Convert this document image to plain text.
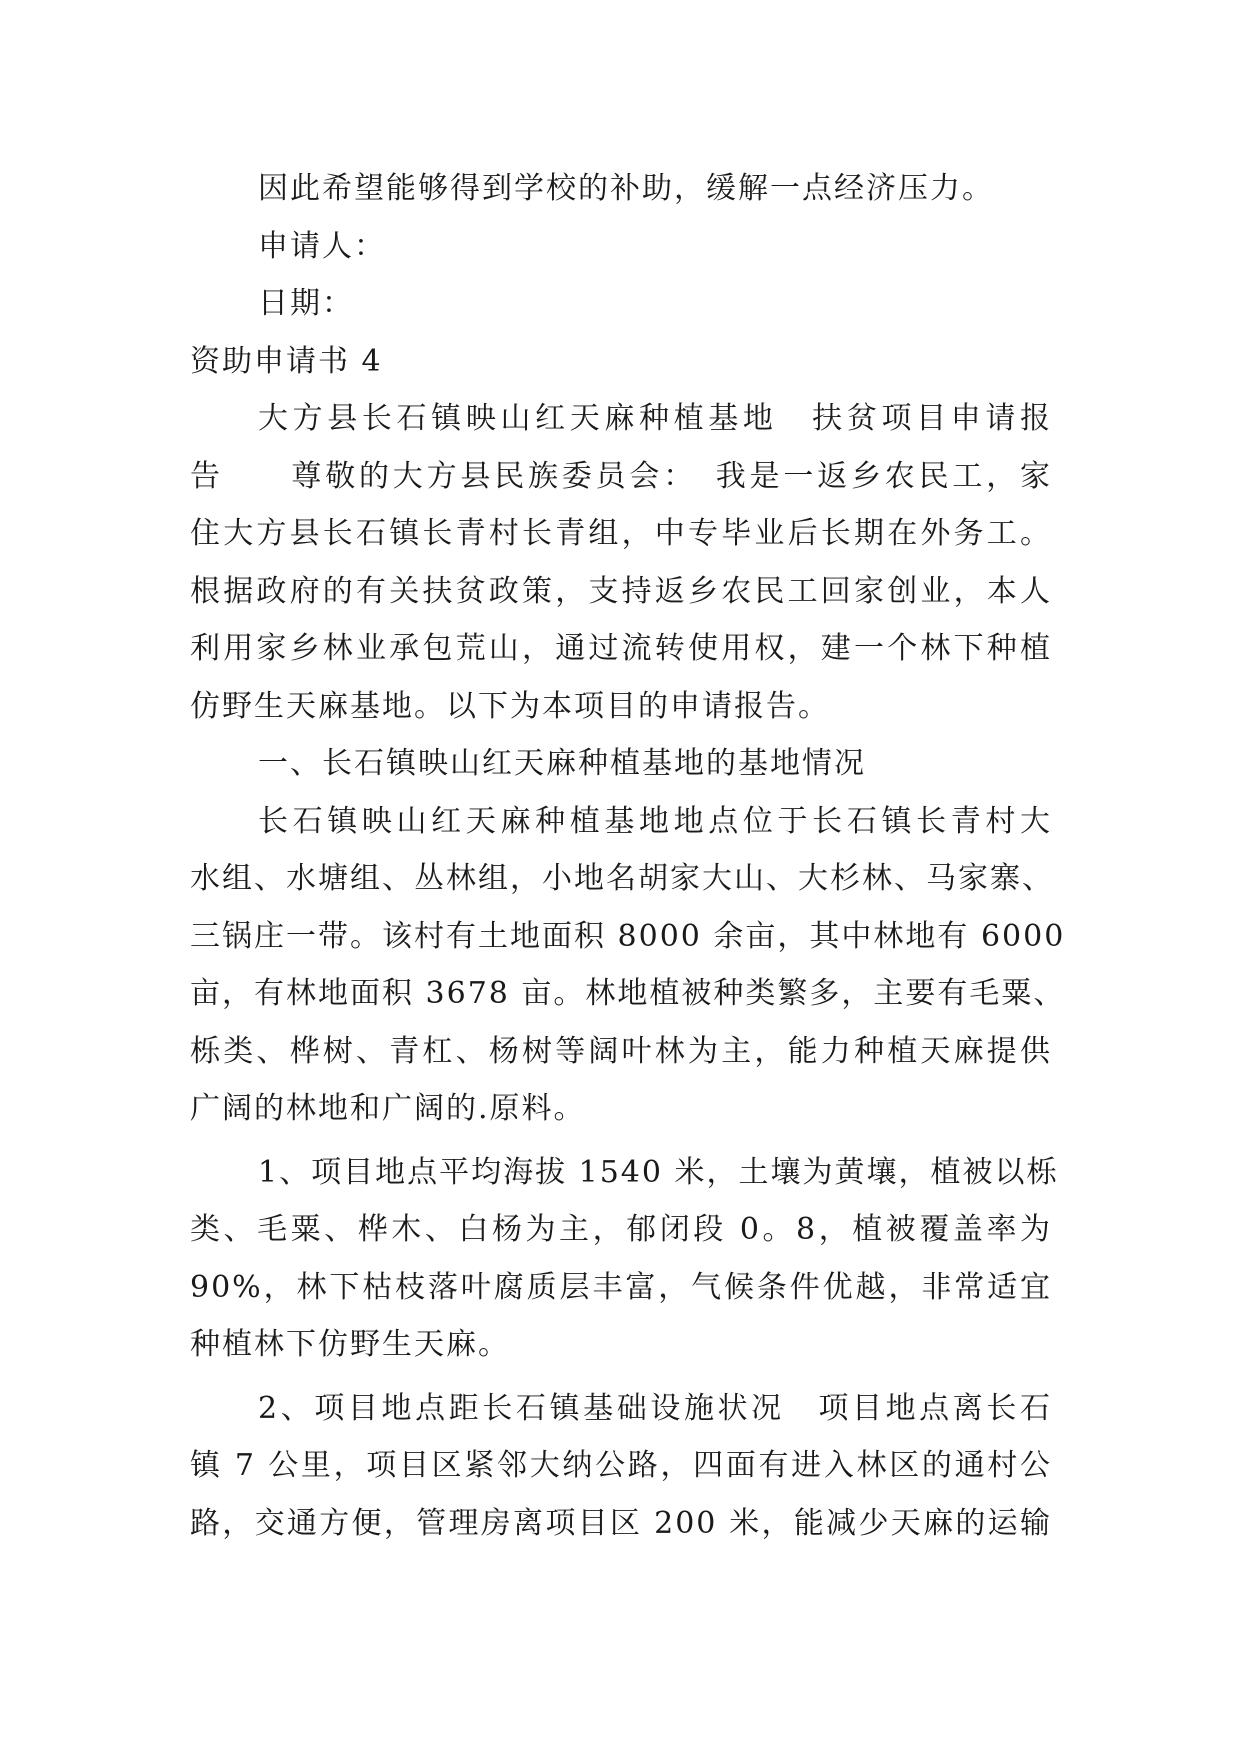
因此希望能够得到学校的补助，缓解一点经济压力。
申请人：
日期：
资助申请书 4
大方县长石镇映山红天麻种植基地　扶贫项目申请报
告　　尊敬的大方县民族委员会：　我是一返乡农民工，家
住大方县长石镇长青村长青组，中专毕业后长期在外务工。
根据政府的有关扶贫政策，支持返乡农民工回家创业，本人
利用家乡林业承包荒山，通过流转使用权，建一个林下种植
仿野生天麻基地。以下为本项目的申请报告。
一、长石镇映山红天麻种植基地的基地情况
长石镇映山红天麻种植基地地点位于长石镇长青村大
水组、水塘组、丛林组，小地名胡家大山、大杉林、马家寨、
三锅庄一带。该村有土地面积 8000 余亩，其中林地有 6000
亩，有林地面积 3678 亩。林地植被种类繁多，主要有毛粟、
栎类、桦树、青杠、杨树等阔叶林为主，能力种植天麻提供
广阔的林地和广阔的.原料。
1、项目地点平均海拔 1540 米，土壤为黄壤，植被以栎
类、毛粟、桦木、白杨为主，郁闭段 0。8，植被覆盖率为
90%，林下枯枝落叶腐质层丰富，气候条件优越，非常适宜
种植林下仿野生天麻。
2、项目地点距长石镇基础设施状况　项目地点离长石
镇 7 公里，项目区紧邻大纳公路，四面有进入林区的通村公
路，交通方便，管理房离项目区 200 米，能减少天麻的运输
